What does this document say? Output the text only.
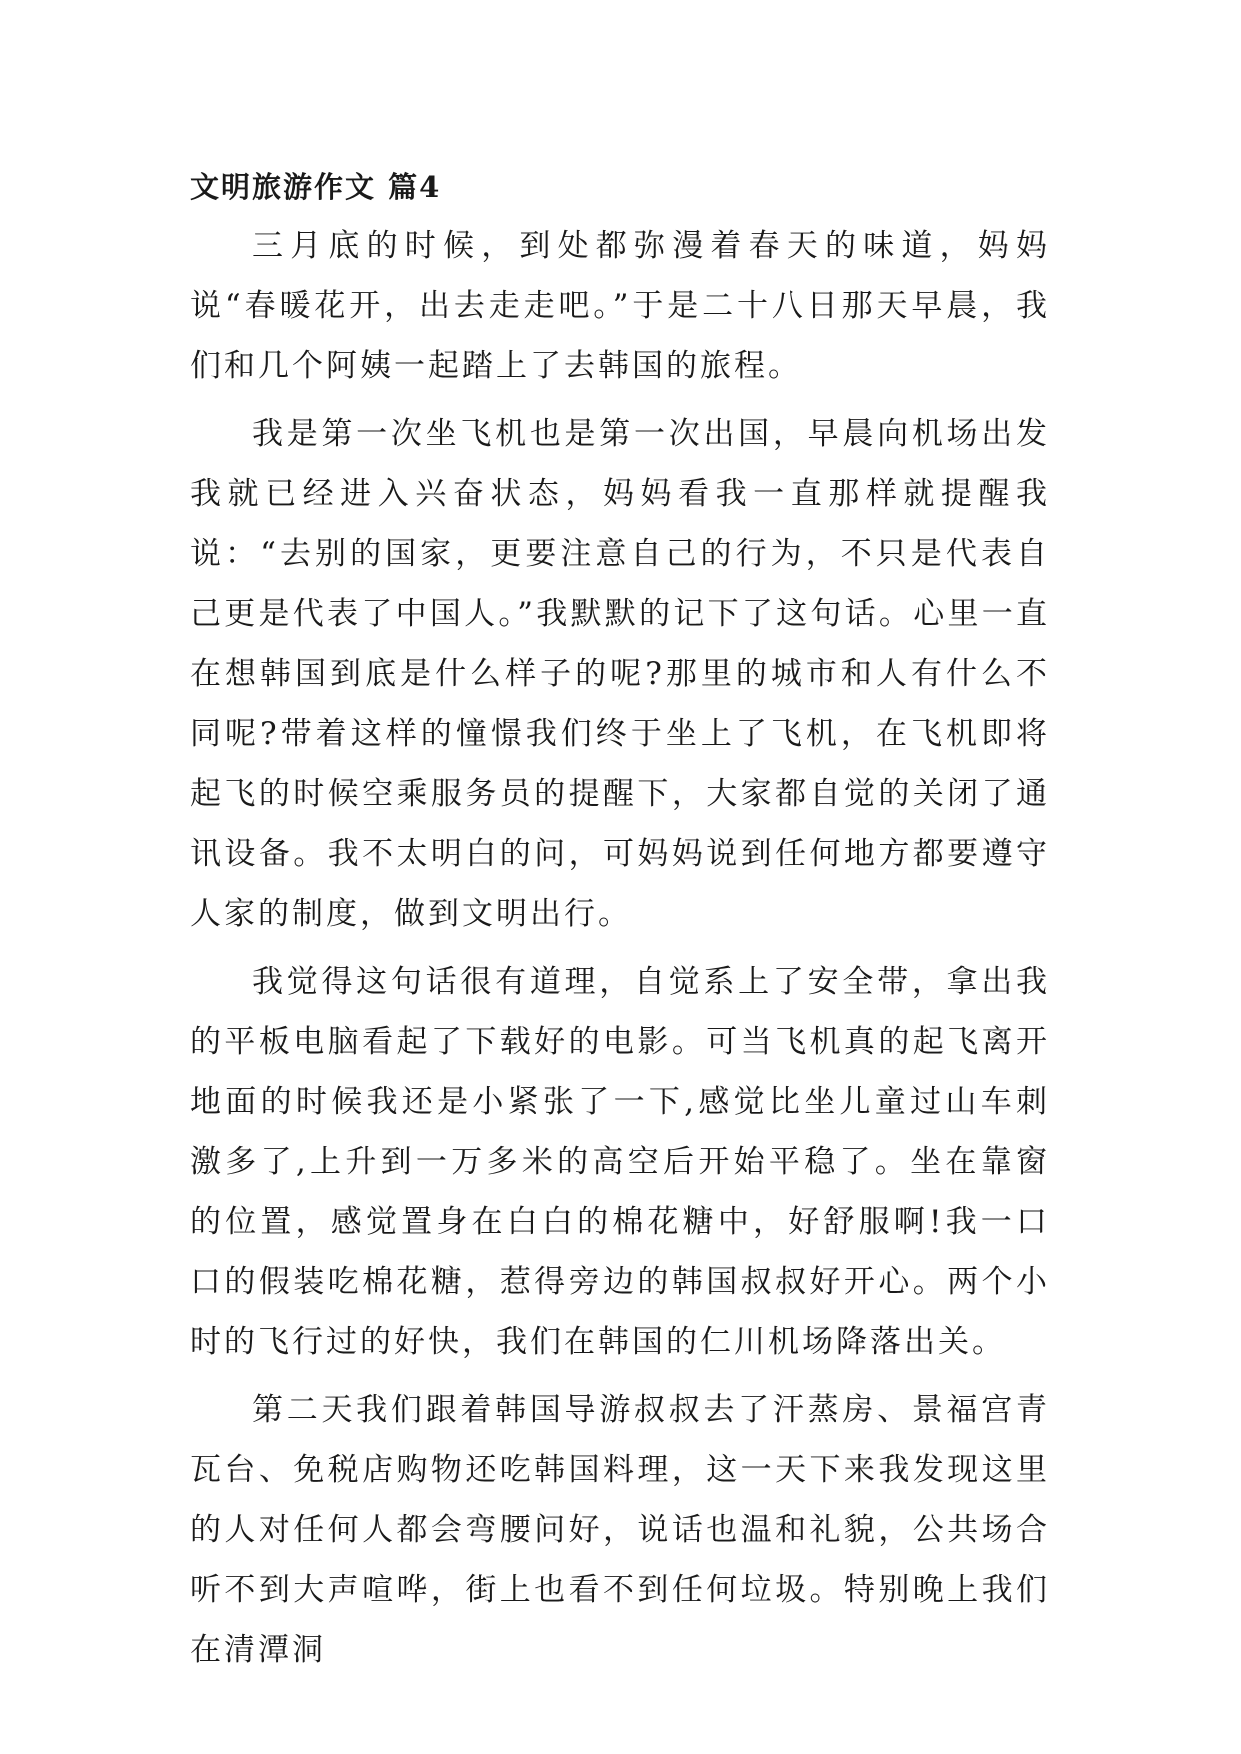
文明旅游作文 篇4

三月底的时候，到处都弥漫着春天的味道，妈妈说“春暖花开，出去走走吧。”于是二十八日那天早晨，我们和几个阿姨一起踏上了去韩国的旅程。

我是第一次坐飞机也是第一次出国，早晨向机场出发我就已经进入兴奋状态，妈妈看我一直那样就提醒我说：“去别的国家，更要注意自己的行为，不只是代表自己更是代表了中国人。”我默默的记下了这句话。心里一直在想韩国到底是什么样子的呢?那里的城市和人有什么不同呢?带着这样的憧憬我们终于坐上了飞机，在飞机即将起飞的时候空乘服务员的提醒下，大家都自觉的关闭了通讯设备。我不太明白的问，可妈妈说到任何地方都要遵守人家的制度，做到文明出行。

我觉得这句话很有道理，自觉系上了安全带，拿出我的平板电脑看起了下载好的电影。可当飞机真的起飞离开地面的时候我还是小紧张了一下,感觉比坐儿童过山车刺激多了,上升到一万多米的高空后开始平稳了。坐在靠窗的位置，感觉置身在白白的棉花糖中，好舒服啊!我一口口的假装吃棉花糖，惹得旁边的韩国叔叔好开心。两个小时的飞行过的好快，我们在韩国的仁川机场降落出关。

第二天我们跟着韩国导游叔叔去了汗蒸房、景福宫青瓦台、免税店购物还吃韩国料理，这一天下来我发现这里的人对任何人都会弯腰问好，说话也温和礼貌，公共场合听不到大声喧哗，街上也看不到任何垃圾。特别晚上我们在清潭洞
